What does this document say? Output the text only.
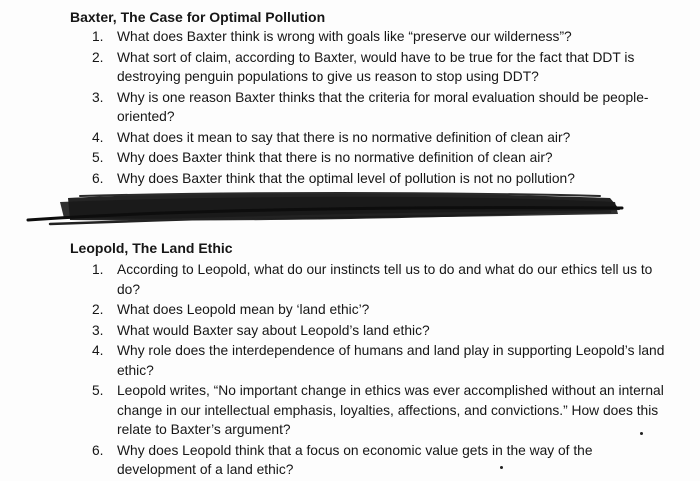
Baxter, The Case for Optimal Pollution
1. What does Baxter think is wrong with goals like “preserve our wilderness”?
2. What sort of claim, according to Baxter, would have to be true for the fact that DDT is destroying penguin populations to give us reason to stop using DDT?
3. Why is one reason Baxter thinks that the criteria for moral evaluation should be people-oriented?
4. What does it mean to say that there is no normative definition of clean air?
5. Why does Baxter think that there is no normative definition of clean air?
6. Why does Baxter think that the optimal level of pollution is not no pollution?
Leopold, The Land Ethic
1. According to Leopold, what do our instincts tell us to do and what do our ethics tell us to do?
2. What does Leopold mean by ‘land ethic’?
3. What would Baxter say about Leopold’s land ethic?
4. Why role does the interdependence of humans and land play in supporting Leopold’s land ethic?
5. Leopold writes, “No important change in ethics was ever accomplished without an internal change in our intellectual emphasis, loyalties, affections, and convictions.” How does this relate to Baxter’s argument?
6. Why does Leopold think that a focus on economic value gets in the way of the development of a land ethic?
